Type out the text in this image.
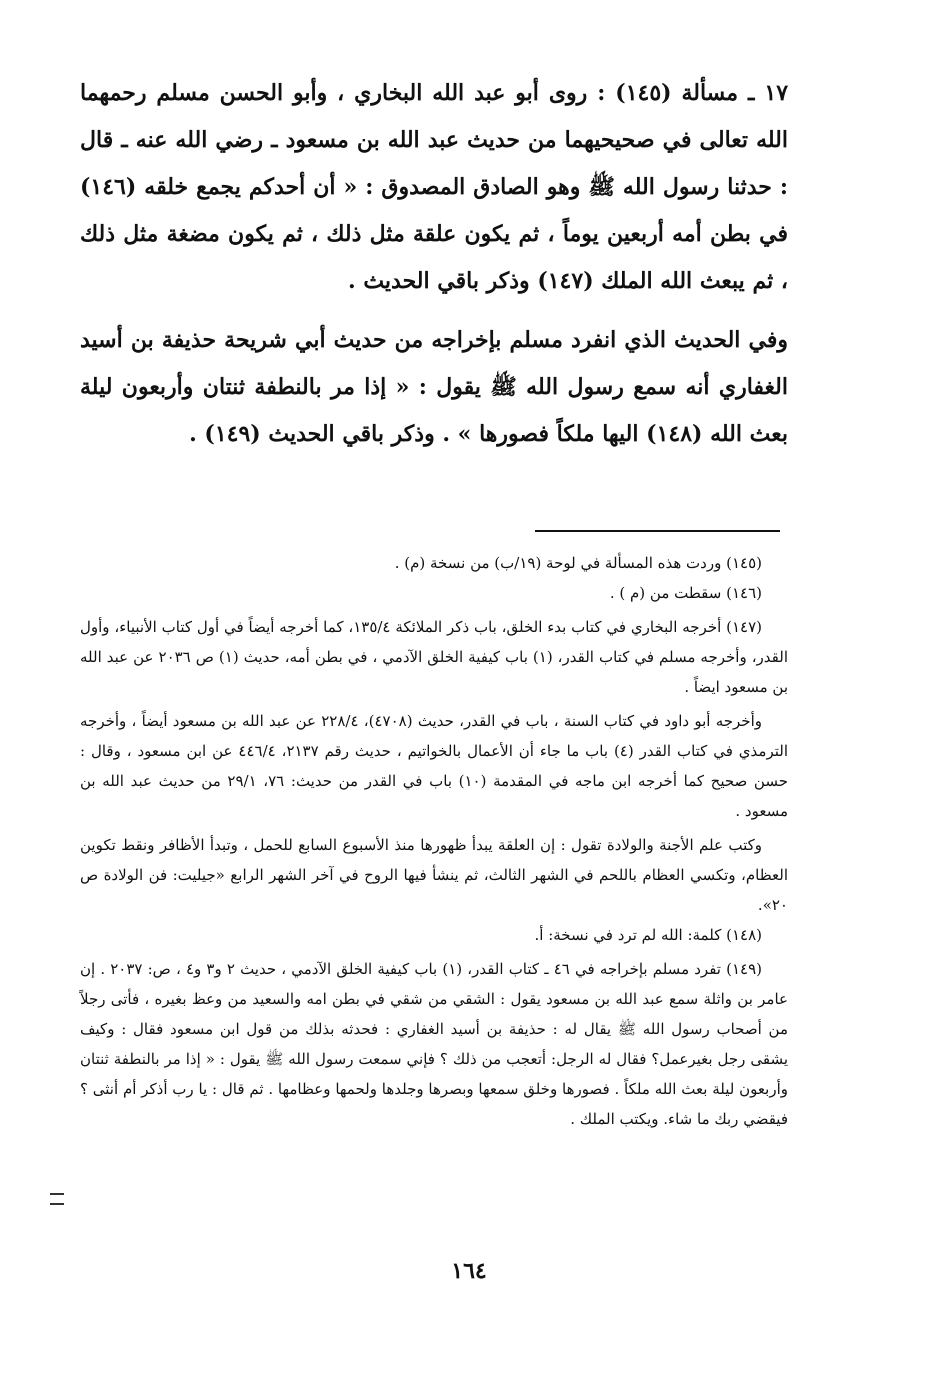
١٧ ـ مسألة (١٤٥) : روى أبو عبد الله البخاري ، وأبو الحسن مسلم رحمهما الله تعالى في صحيحيهما من حديث عبد الله بن مسعود ـ رضي الله عنه ـ قال : حدثنا رسول الله ﷺ وهو الصادق المصدوق : « أن أحدكم يجمع خلقه (١٤٦) في بطن أمه أربعين يوماً ، ثم يكون علقة مثل ذلك ، ثم يكون مضغة مثل ذلك ، ثم يبعث الله الملك (١٤٧) وذكر باقي الحديث .

وفي الحديث الذي انفرد مسلم بإخراجه من حديث أبي شريحة حذيفة بن أسيد الغفاري أنه سمع رسول الله ﷺ يقول : « إذا مر بالنطفة ثنتان وأربعون ليلة بعث الله (١٤٨) اليها ملكاً فصورها » . وذكر باقي الحديث (١٤٩) .

(١٤٥) وردت هذه المسألة في لوحة (١٩/ب) من نسخة (م) .

(١٤٦) سقطت من (م ) .

(١٤٧) أخرجه البخاري في كتاب بدء الخلق، باب ذكر الملائكة ١٣٥/٤، كما أخرجه أيضاً في أول كتاب الأنبياء، وأول القدر، وأخرجه مسلم في كتاب القدر، (١) باب كيفية الخلق الآدمي ، في بطن أمه، حديث (١) ص ٢٠٣٦ عن عبد الله بن مسعود ايضاً .

وأخرجه أبو داود في كتاب السنة ، باب في القدر، حديث (٤٧٠٨)، ٢٢٨/٤ عن عبد الله بن مسعود أيضاً ، وأخرجه الترمذي في كتاب القدر (٤) باب ما جاء أن الأعمال بالخواتيم ، حديث رقم ٢١٣٧، ٤٤٦/٤ عن ابن مسعود ، وقال : حسن صحيح كما أخرجه ابن ماجه في المقدمة (١٠) باب في القدر من حديث: ٧٦، ٢٩/١ من حديث عبد الله بن مسعود .

وكتب علم الأجنة والولادة تقول : إن العلقة يبدأ ظهورها منذ الأسبوع السابع للحمل ، وتبدأ الأظافر ونقط تكوين العظام، وتكسي العظام باللحم في الشهر الثالث، ثم ينشأ فيها الروح في آخر الشهر الرابع «جيليت: فن الولادة ص ٢٠».

(١٤٨) كلمة: الله لم ترد في نسخة: أ.

(١٤٩) تفرد مسلم بإخراجه في ٤٦ ـ كتاب القدر، (١) باب كيفية الخلق الآدمي ، حديث ٢ و٣ و٤ ، ص: ٢٠٣٧ . إن عامر بن واثلة سمع عبد الله بن مسعود يقول : الشقي من شقي في بطن امه والسعيد من وعظ بغيره ، فأتى رجلاً من أصحاب رسول الله ﷺ يقال له : حذيفة بن أسيد الغفاري : فحدثه بذلك من قول ابن مسعود فقال : وكيف يشقى رجل بغيرعمل؟ فقال له الرجل: أتعجب من ذلك ؟ فإني سمعت رسول الله ﷺ يقول : « إذا مر بالنطفة ثنتان وأربعون ليلة بعث الله ملكاً . فصورها وخلق سمعها وبصرها وجلدها ولحمها وعظامها . ثم قال : يا رب أذكر أم أنثى ؟ فيقضي ربك ما شاء. ويكتب الملك .

١٦٤
